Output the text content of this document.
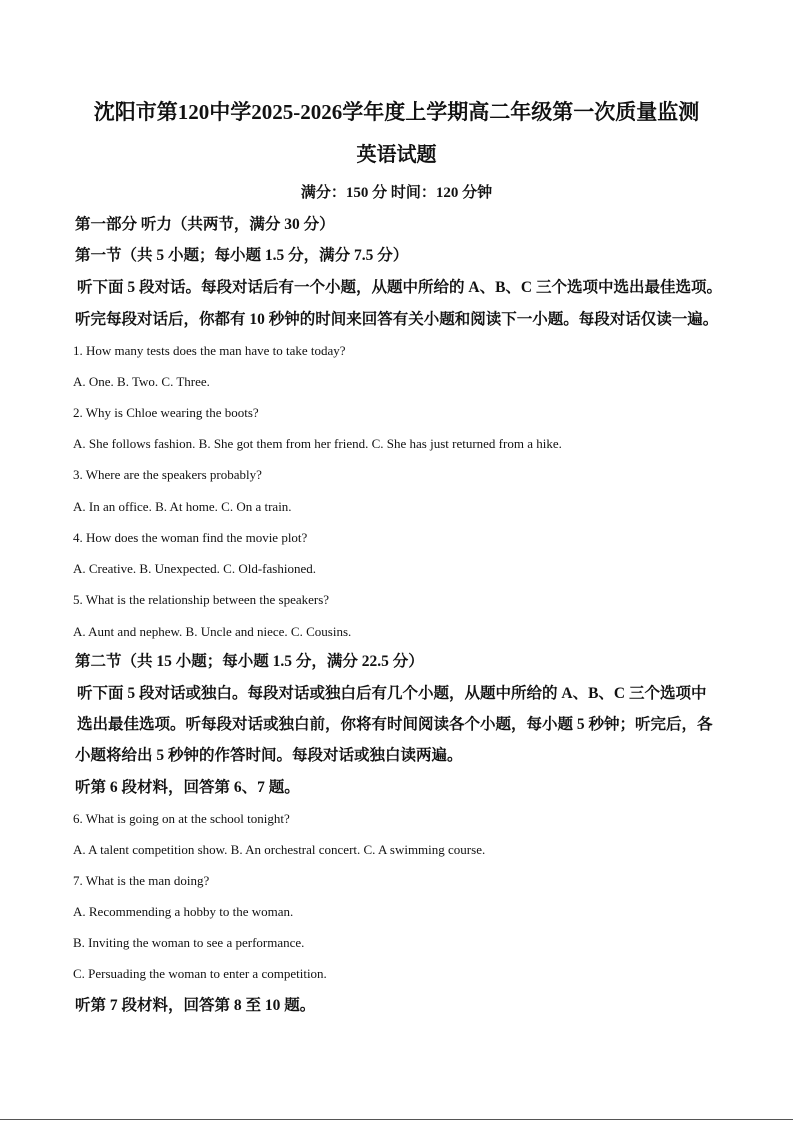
沈阳市第120中学2025-2026学年度上学期高二年级第一次质量监测
英语试题
满分：150 分 时间：120 分钟
第一部分 听力（共两节，满分 30 分）
第一节（共 5 小题；每小题 1.5 分，满分 7.5 分）
听下面 5 段对话。每段对话后有一个小题，从题中所给的 A、B、C 三个选项中选出最佳选项。
听完每段对话后，你都有 10 秒钟的时间来回答有关小题和阅读下一小题。每段对话仅读一遍。
1. How many tests does the man have to take today?
A. One. B. Two. C. Three.
2. Why is Chloe wearing the boots?
A. She follows fashion. B. She got them from her friend. C. She has just returned from a hike.
3. Where are the speakers probably?
A. In an office. B. At home. C. On a train.
4. How does the woman find the movie plot?
A. Creative. B. Unexpected. C. Old-fashioned.
5. What is the relationship between the speakers?
A. Aunt and nephew. B. Uncle and niece. C. Cousins.
第二节（共 15 小题；每小题 1.5 分，满分 22.5 分）
听下面 5 段对话或独白。每段对话或独白后有几个小题，从题中所给的 A、B、C 三个选项中
选出最佳选项。听每段对话或独白前，你将有时间阅读各个小题，每小题 5 秒钟；听完后，各
小题将给出 5 秒钟的作答时间。每段对话或独白读两遍。
听第 6 段材料，回答第 6、7 题。
6. What is going on at the school tonight?
A. A talent competition show. B. An orchestral concert. C. A swimming course.
7. What is the man doing?
A. Recommending a hobby to the woman.
B. Inviting the woman to see a performance.
C. Persuading the woman to enter a competition.
听第 7 段材料，回答第 8 至 10 题。
